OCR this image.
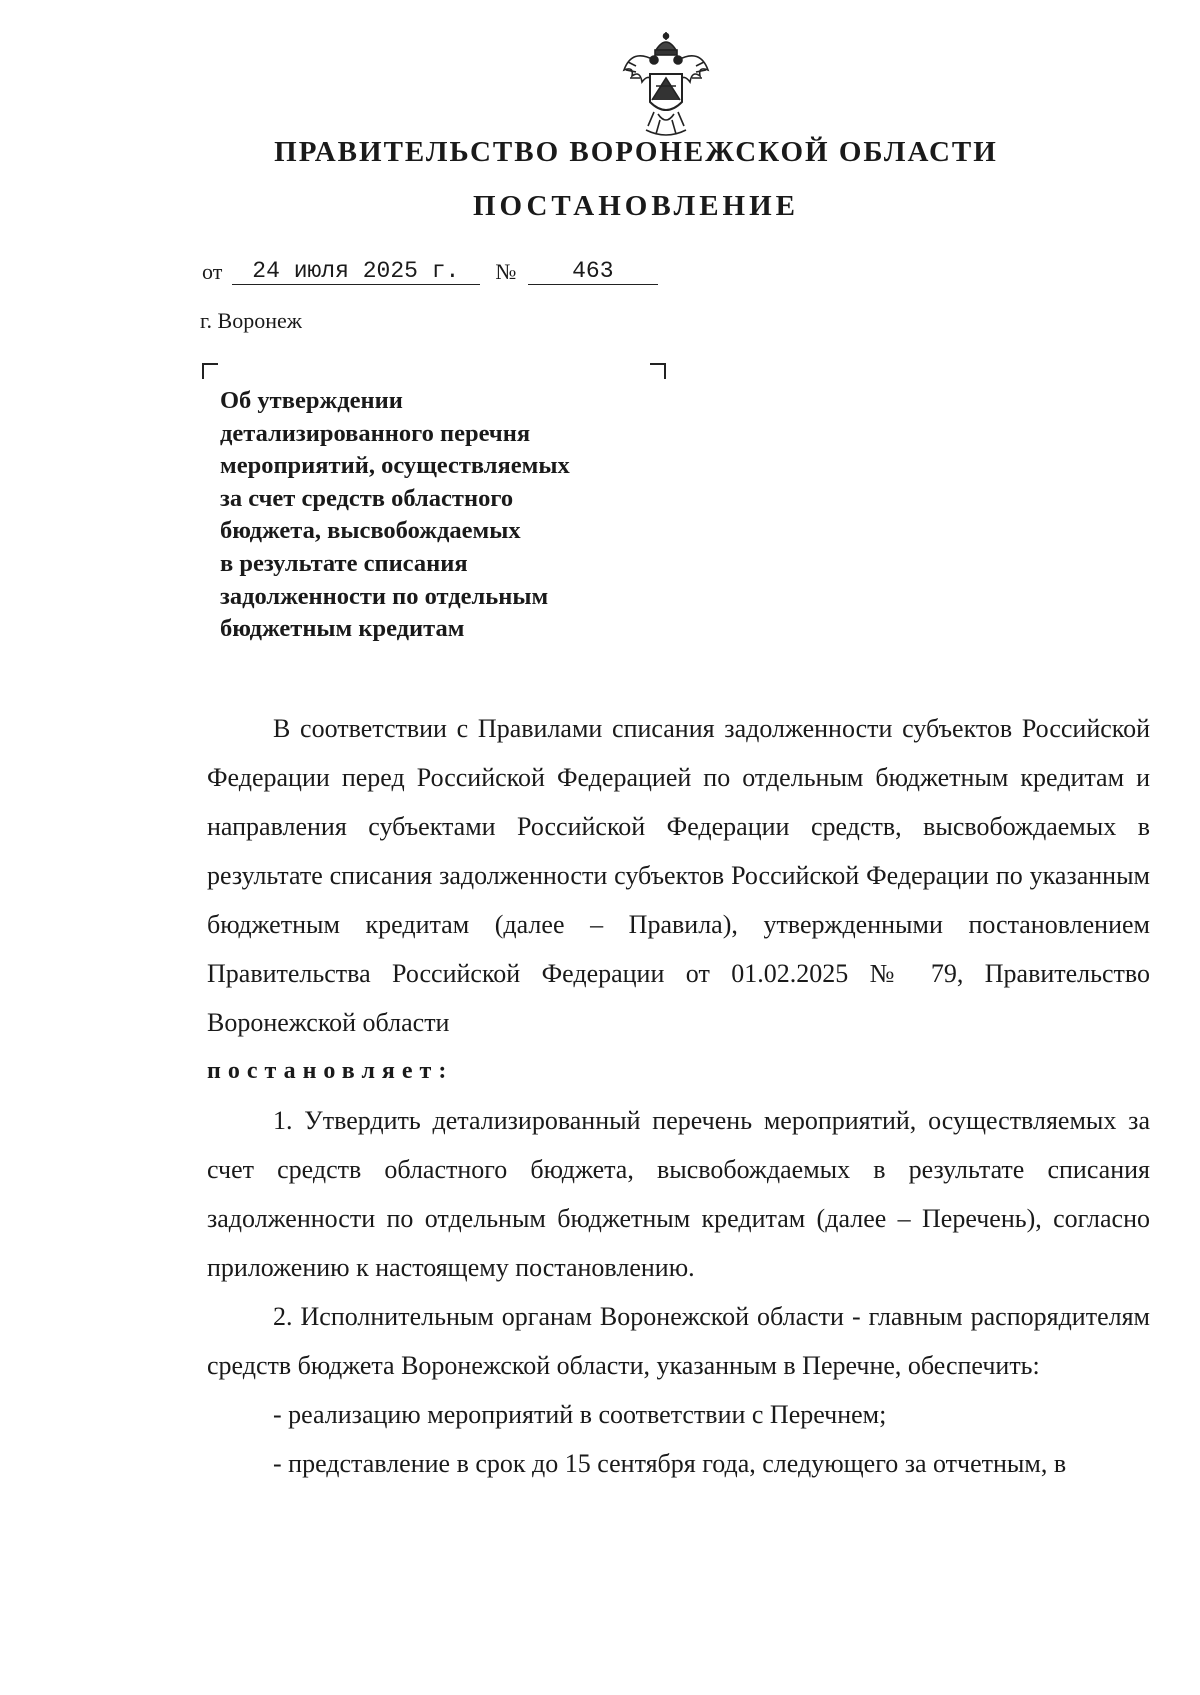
ПРАВИТЕЛЬСТВО ВОРОНЕЖСКОЙ ОБЛАСТИ
ПОСТАНОВЛЕНИЕ
от 24 июля 2025 г. № 463
г. Воронеж
Об утверждении
детализированного перечня
мероприятий, осуществляемых
за счет средств областного
бюджета, высвобождаемых
в результате списания
задолженности по отдельным
бюджетным кредитам

В соответствии с Правилами списания задолженности субъектов Российской Федерации перед Российской Федерацией по отдельным бюджетным кредитам и направления субъектами Российской Федерации средств, высвобождаемых в результате списания задолженности субъектов Российской Федерации по указанным бюджетным кредитам (далее – Правила), утвержденными постановлением Правительства Российской Федерации от 01.02.2025 № 79, Правительство Воронежской области

постановляет:

1. Утвердить детализированный перечень мероприятий, осуществляемых за счет средств областного бюджета, высвобождаемых в результате списания задолженности по отдельным бюджетным кредитам (далее – Перечень), согласно приложению к настоящему постановлению.

2. Исполнительным органам Воронежской области - главным распорядителям средств бюджета Воронежской области, указанным в Перечне, обеспечить:

- реализацию мероприятий в соответствии с Перечнем;

- представление в срок до 15 сентября года, следующего за отчетным, в
